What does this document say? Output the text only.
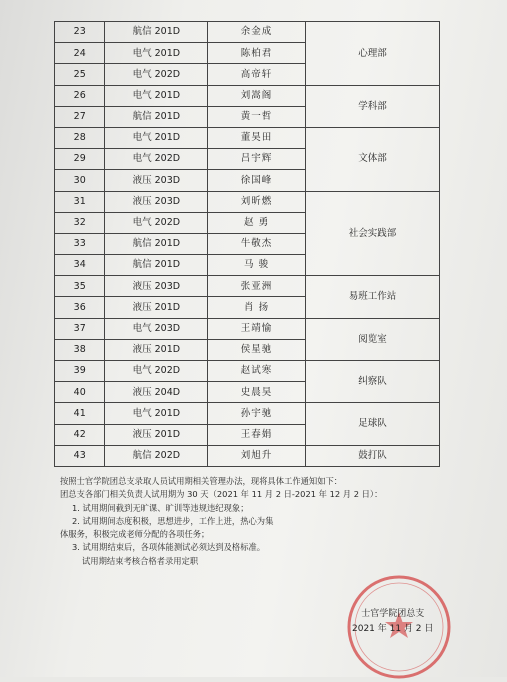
23	航信 201D	余金成	心理部
24	电气 201D	陈柏君	
25	电气 202D	高帝轩	
26	电气 201D	刘嵩阁	学科部
27	航信 201D	黄一哲	
28	电气 201D	董昊田	文体部
29	电气 202D	吕宇辉	
30	液压 203D	徐国峰	
31	液压 203D	刘昕燃	社会实践部
32	电气 202D	赵 勇	
33	航信 201D	牛敬杰	
34	航信 201D	马 骏	
35	液压 203D	张亚洲	易班工作站
36	液压 201D	肖 扬	
37	电气 203D	王靖愉	阅览室
38	液压 201D	侯星驰	
39	电气 202D	赵试寒	纠察队
40	液压 204D	史晨昊	
41	电气 201D	孙宇驰	足球队
42	液压 201D	王春娟	
43	航信 202D	刘旭升	鼓打队

按照士官学院团总支录取人员试用期相关管理办法，现将具体工作通知如下：

团总支各部门相关负责人试用期为 30 天（2021 年 11 月 2 日-2021 年 12 月 2 日）：

1. 试用期间截到无旷课、旷训等违规违纪现象；

2. 试用期间态度积极，思想进步，工作上进，热心为集

体服务，积极完成老师分配的各项任务；

3. 试用期结束后，各项体能测试必须达到及格标准。

试用期结束考核合格者录用定职

士官学院团总支
2021 年 11 月 2 日
